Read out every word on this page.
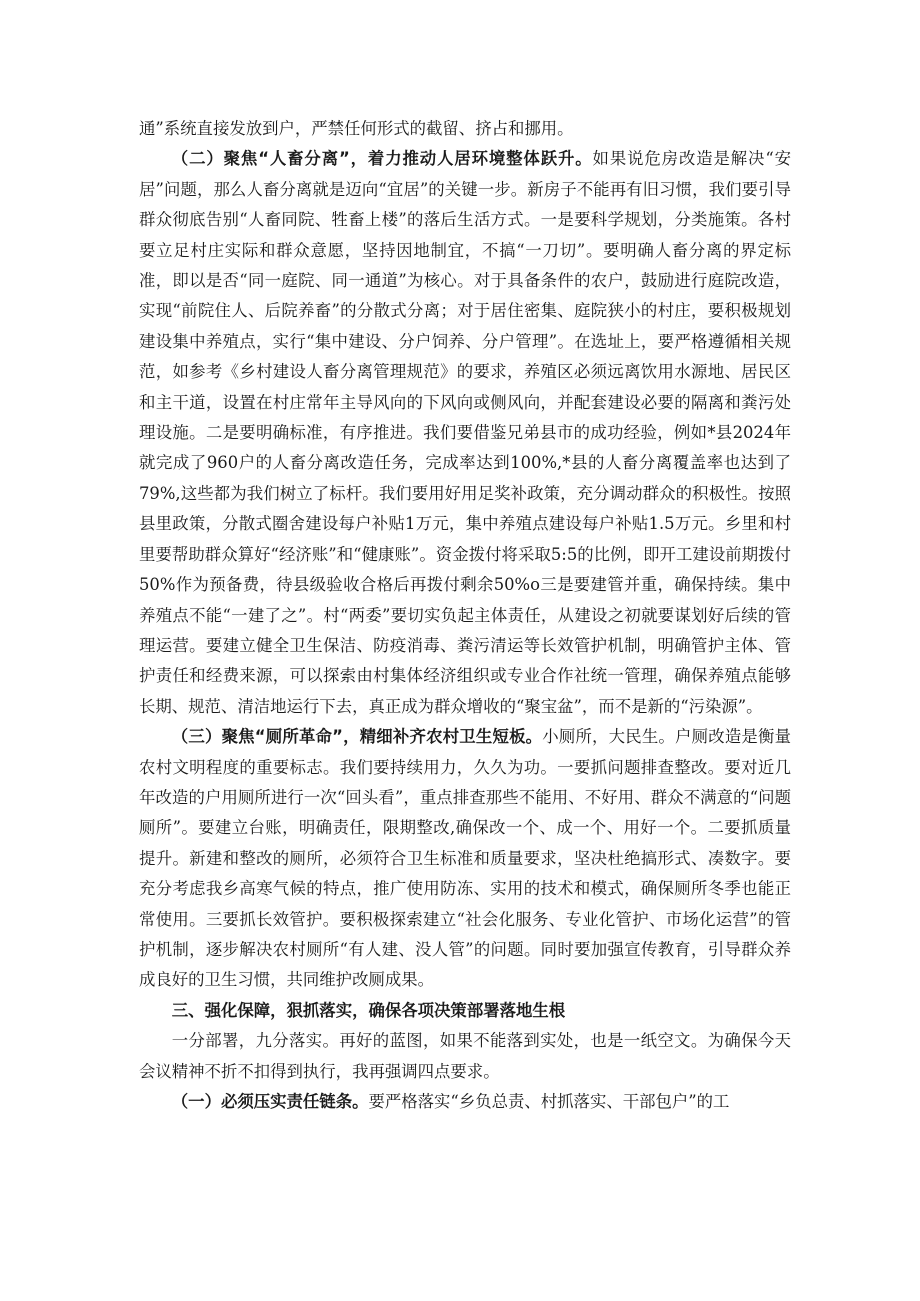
通”系统直接发放到户，严禁任何形式的截留、挤占和挪用。

（二）聚焦“人畜分离”，着力推动人居环境整体跃升。如果说危房改造是解决“安居”问题，那么人畜分离就是迈向“宜居”的关键一步。新房子不能再有旧习惯，我们要引导群众彻底告别“人畜同院、牲畜上楼”的落后生活方式。一是要科学规划，分类施策。各村要立足村庄实际和群众意愿，坚持因地制宜，不搞“一刀切”。要明确人畜分离的界定标准，即以是否“同一庭院、同一通道”为核心。对于具备条件的农户，鼓励进行庭院改造，实现“前院住人、后院养畜”的分散式分离；对于居住密集、庭院狭小的村庄，要积极规划建设集中养殖点，实行“集中建设、分户饲养、分户管理”。在选址上，要严格遵循相关规范，如参考《乡村建设人畜分离管理规范》的要求，养殖区必须远离饮用水源地、居民区和主干道，设置在村庄常年主导风向的下风向或侧风向，并配套建设必要的隔离和粪污处理设施。二是要明确标准，有序推进。我们要借鉴兄弟县市的成功经验，例如*县2024年就完成了960户的人畜分离改造任务，完成率达到100%,*县的人畜分离覆盖率也达到了79%,这些都为我们树立了标杆。我们要用好用足奖补政策，充分调动群众的积极性。按照县里政策，分散式圈舍建设每户补贴1万元，集中养殖点建设每户补贴1.5万元。乡里和村里要帮助群众算好“经济账”和“健康账”。资金拨付将采取5:5的比例，即开工建设前期拨付50%作为预备费，待县级验收合格后再拨付剩余50%o三是要建管并重，确保持续。集中养殖点不能“一建了之”。村“两委”要切实负起主体责任，从建设之初就要谋划好后续的管理运营。要建立健全卫生保洁、防疫消毒、粪污清运等长效管护机制，明确管护主体、管护责任和经费来源，可以探索由村集体经济组织或专业合作社统一管理，确保养殖点能够长期、规范、清洁地运行下去，真正成为群众增收的“聚宝盆”，而不是新的“污染源”。

（三）聚焦“厕所革命”，精细补齐农村卫生短板。小厕所，大民生。户厕改造是衡量农村文明程度的重要标志。我们要持续用力，久久为功。一要抓问题排查整改。要对近几年改造的户用厕所进行一次“回头看”，重点排查那些不能用、不好用、群众不满意的“问题厕所”。要建立台账，明确责任，限期整改,确保改一个、成一个、用好一个。二要抓质量提升。新建和整改的厕所，必须符合卫生标准和质量要求，坚决杜绝搞形式、凑数字。要充分考虑我乡高寒气候的特点，推广使用防冻、实用的技术和模式，确保厕所冬季也能正常使用。三要抓长效管护。要积极探索建立“社会化服务、专业化管护、市场化运营”的管护机制，逐步解决农村厕所“有人建、没人管”的问题。同时要加强宣传教育，引导群众养成良好的卫生习惯，共同维护改厕成果。

三、强化保障，狠抓落实，确保各项决策部署落地生根

一分部署，九分落实。再好的蓝图，如果不能落到实处，也是一纸空文。为确保今天会议精神不折不扣得到执行，我再强调四点要求。

（一）必须压实责任链条。要严格落实“乡负总责、村抓落实、干部包户”的工
